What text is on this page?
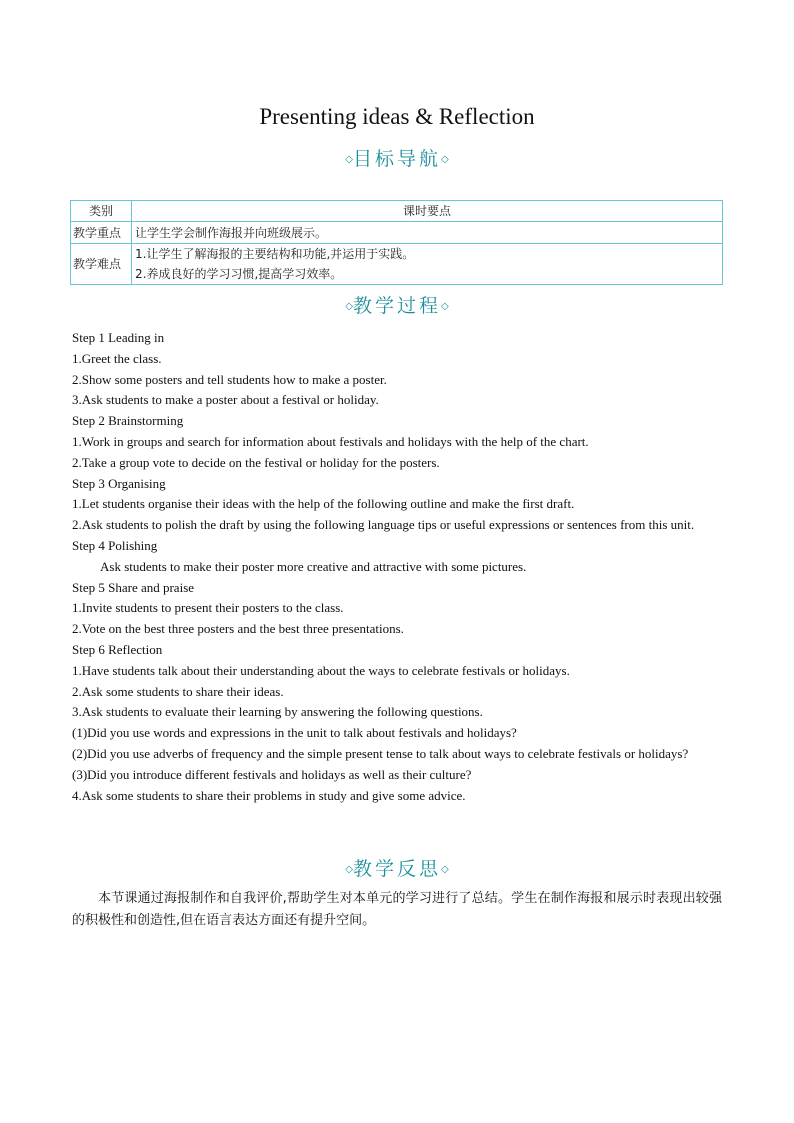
Presenting ideas & Reflection
◇目标导航◇
类别	课时要点
教学重点	让学生学会制作海报并向班级展示。

教学难点	1.让学生了解海报的主要结构和功能,并运用于实践。
2.养成良好的学习习惯,提高学习效率。
◇教学过程◇

Step 1 Leading in

1.Greet the class.

2.Show some posters and tell students how to make a poster.

3.Ask students to make a poster about a festival or holiday.

Step 2 Brainstorming

1.Work in groups and search for information about festivals and holidays with the help of the chart.

2.Take a group vote to decide on the festival or holiday for the posters.

Step 3 Organising

1.Let students organise their ideas with the help of the following outline and make the first draft.

2.Ask students to polish the draft by using the following language tips or useful expressions or sentences from this unit.

Step 4 Polishing

Ask students to make their poster more creative and attractive with some pictures.

Step 5 Share and praise

1.Invite students to present their posters to the class.

2.Vote on the best three posters and the best three presentations.

Step 6 Reflection

1.Have students talk about their understanding about the ways to celebrate festivals or holidays.

2.Ask some students to share their ideas.

3.Ask students to evaluate their learning by answering the following questions.

(1)Did you use words and expressions in the unit to talk about festivals and holidays?

(2)Did you use adverbs of frequency and the simple present tense to talk about ways to celebrate festivals or holidays?

(3)Did you introduce different festivals and holidays as well as their culture?

4.Ask some students to share their problems in study and give some advice.

◇教学反思◇

本节课通过海报制作和自我评价,帮助学生对本单元的学习进行了总结。学生在制作海报和展示时表现出较强的积极性和创造性,但在语言表达方面还有提升空间。
